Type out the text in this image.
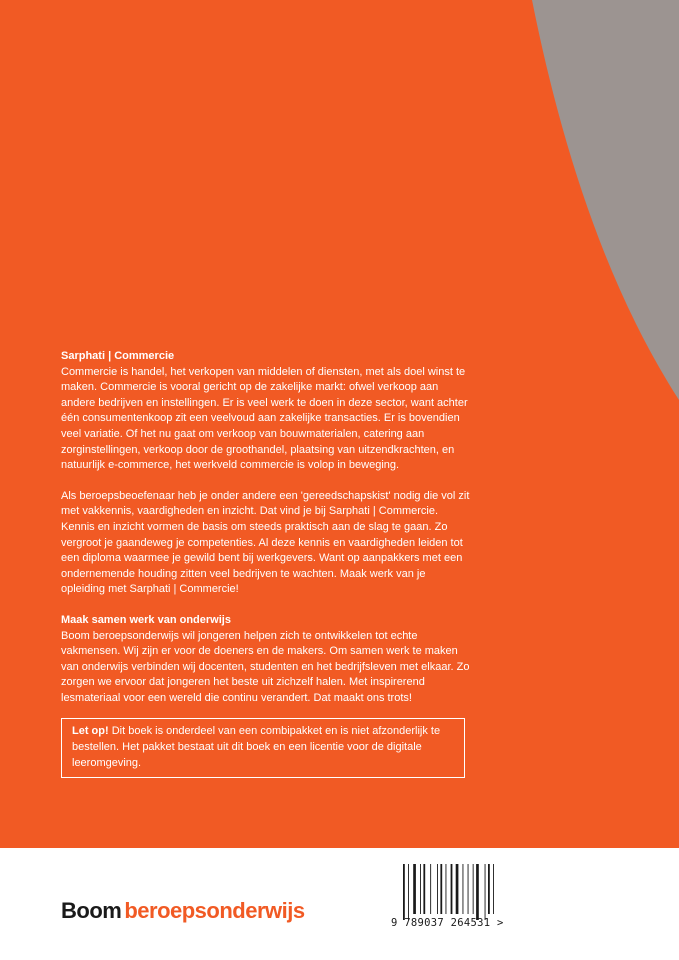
Sarphati | Commercie

Commercie is handel, het verkopen van middelen of diensten, met als doel winst te maken. Commercie is vooral gericht op de zakelijke markt: ofwel verkoop aan andere bedrijven en instellingen. Er is veel werk te doen in deze sector, want achter één consumentenkoop zit een veelvoud aan zakelijke transacties. Er is bovendien veel variatie. Of het nu gaat om verkoop van bouwmaterialen, catering aan zorginstellingen, verkoop door de groothandel, plaatsing van uitzendkrachten, en natuurlijk e-commerce, het werkveld commercie is volop in beweging.

Als beroepsbeoefenaar heb je onder andere een 'gereedschapskist' nodig die vol zit met vakkennis, vaardigheden en inzicht. Dat vind je bij Sarphati | Commercie. Kennis en inzicht vormen de basis om steeds praktisch aan de slag te gaan. Zo vergroot je gaandeweg je competenties. Al deze kennis en vaardigheden leiden tot een diploma waarmee je gewild bent bij werkgevers. Want op aanpakkers met een ondernemende houding zitten veel bedrijven te wachten. Maak werk van je opleiding met Sarphati | Commercie!

Maak samen werk van onderwijs

Boom beroepsonderwijs wil jongeren helpen zich te ontwikkelen tot echte vakmensen. Wij zijn er voor de doeners en de makers. Om samen werk te maken van onderwijs verbinden wij docenten, studenten en het bedrijfsleven met elkaar. Zo zorgen we ervoor dat jongeren het beste uit zichzelf halen. Met inspirerend lesmateriaal voor een wereld die continu verandert. Dat maakt ons trots!

Let op! Dit boek is onderdeel van een combipakket en is niet afzonderlijk te bestellen. Het pakket bestaat uit dit boek en een licentie voor de digitale leeromgeving.
Boom beroepsonderwijs	9 789037 264531 >
